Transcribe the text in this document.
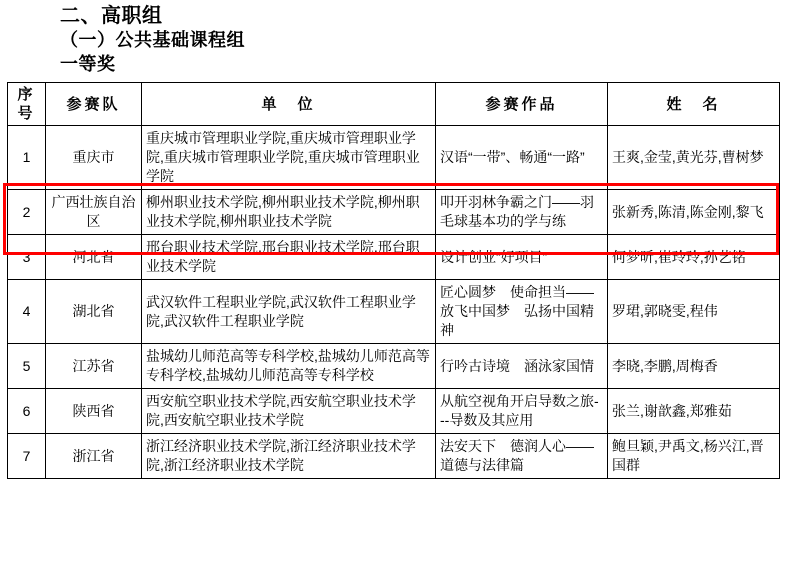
二、高职组
（一）公共基础课程组
一等奖
序号	参赛队	单　位	参赛作品	姓　名
1	重庆市	重庆城市管理职业学院,重庆城市管理职业学院,重庆城市管理职业学院,重庆城市管理职业学院	汉语“一带”、畅通“一路”	王爽,金莹,黄光芬,曹树梦
2	广西壮族自治区	柳州职业技术学院,柳州职业技术学院,柳州职业技术学院,柳州职业技术学院	叩开羽林争霸之门——羽毛球基本功的学与练	张新秀,陈清,陈金刚,黎飞
3	河北省	邢台职业技术学院,邢台职业技术学院,邢台职业技术学院	设计创业“好项目”	何梦昕,崔玲玲,孙艺铭
4	湖北省	武汉软件工程职业学院,武汉软件工程职业学院,武汉软件工程职业学院	匠心圆梦　使命担当——放飞中国梦　弘扬中国精神	罗珺,郭晓雯,程伟
5	江苏省	盐城幼儿师范高等专科学校,盐城幼儿师范高等专科学校,盐城幼儿师范高等专科学校	行吟古诗境　涵泳家国情	李晓,李鹏,周梅香
6	陕西省	西安航空职业技术学院,西安航空职业技术学院,西安航空职业技术学院	从航空视角开启导数之旅---导数及其应用	张兰,谢歆鑫,郑雅茹
7	浙江省	浙江经济职业技术学院,浙江经济职业技术学院,浙江经济职业技术学院	法安天下　德润人心——道德与法律篇	鲍旦颖,尹禹文,杨兴江,晋国群
